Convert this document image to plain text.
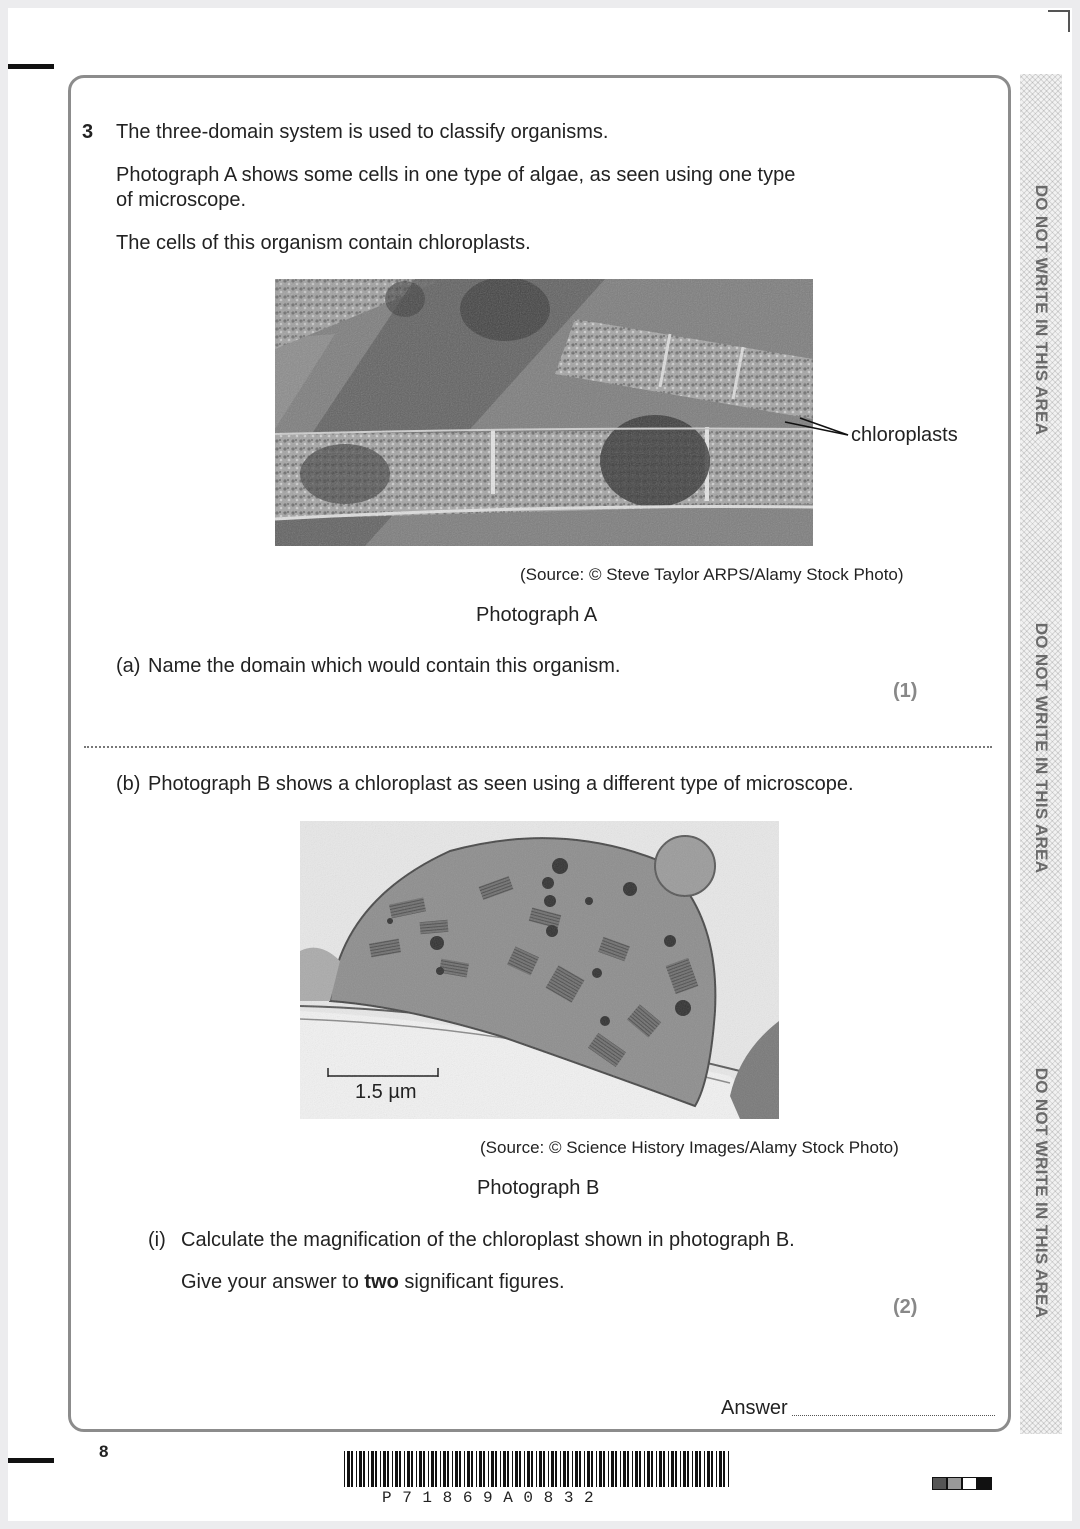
DO NOT WRITE IN THIS AREA
DO NOT WRITE IN THIS AREA
DO NOT WRITE IN THIS AREA
3 The three-domain system is used to classify organisms.
Photograph A shows some cells in one type of algae, as seen using one type
of microscope.
The cells of this organism contain chloroplasts.
chloroplasts
(Source: © Steve Taylor ARPS/Alamy Stock Photo)
Photograph A
(a) Name the domain which would contain this organism.
(1)
(b) Photograph B shows a chloroplast as seen using a different type of microscope.
1.5 µm
(Source: © Science History Images/Alamy Stock Photo)
Photograph B
(i) Calculate the magnification of the chloroplast shown in photograph B.
Give your answer to two significant figures.
(2)
Answer
8
P 7 1 8 6 9 A 0 8 3 2
